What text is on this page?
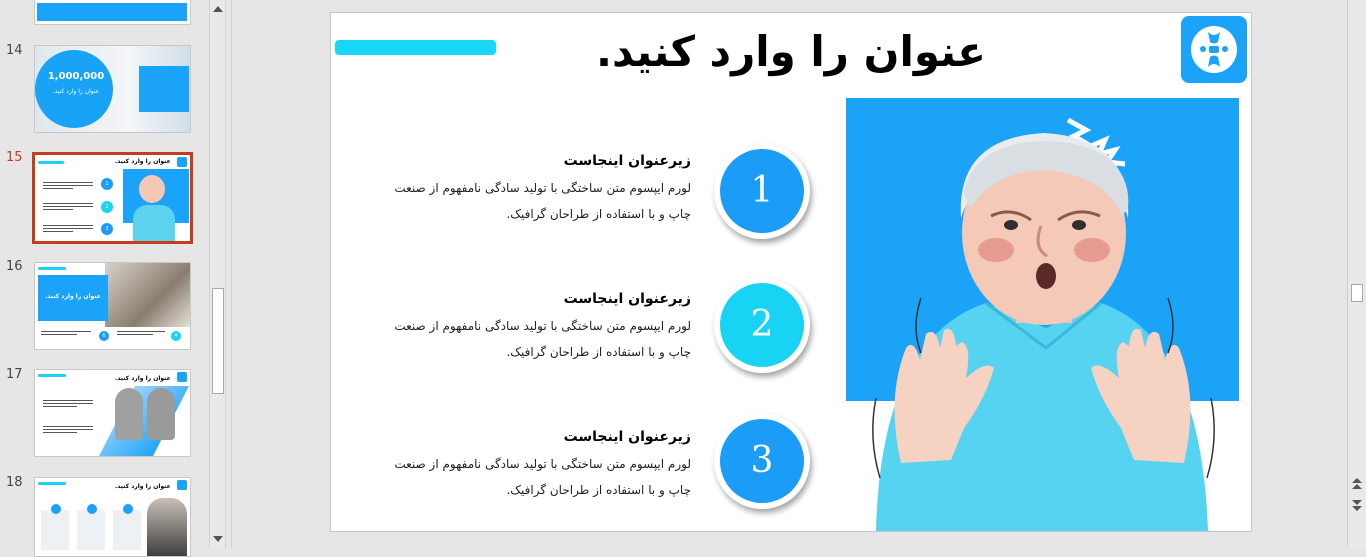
14
1,000,000
عنوان را وارد کنید.
15	عنوان را وارد کنید.
1
2
3
16
عنوان را وارد کنید.
6	4
17	عنوان را وارد کنید.
18	عنوان را وارد کنید.
عنوان را وارد کنید.
زیرعنوان اینجاست
لورم ایپسوم متن ساختگی با تولید سادگی نامفهوم از صنعت
چاپ و با استفاده از طراحان گرافیک.
1
زیرعنوان اینجاست
لورم ایپسوم متن ساختگی با تولید سادگی نامفهوم از صنعت
چاپ و با استفاده از طراحان گرافیک.
2
زیرعنوان اینجاست
لورم ایپسوم متن ساختگی با تولید سادگی نامفهوم از صنعت
چاپ و با استفاده از طراحان گرافیک.
3
